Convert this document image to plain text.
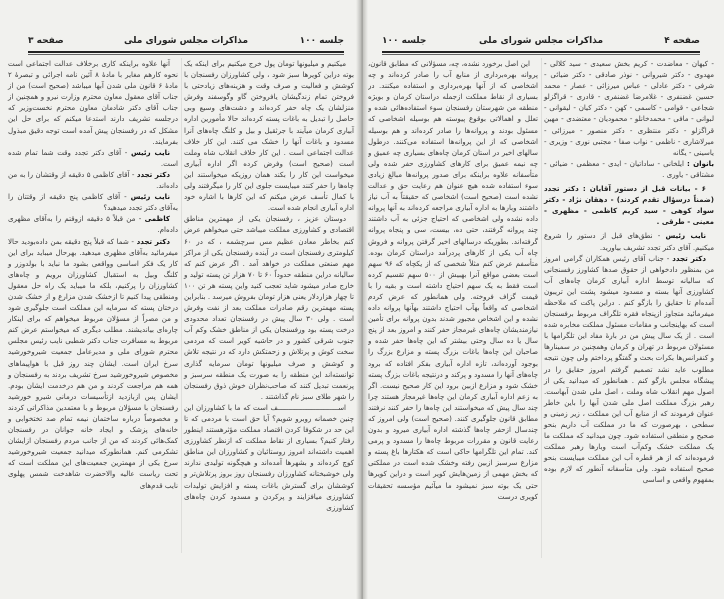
جلسه ۱۰۰
مذاکرات مجلس شورای ملی
صفحه ۳

میکنیم و میلیونها تومان پول خرج میکنیم برای اینکه یک بوته دراین کویرها سبز شود ، ولی کشاورزان رفسنجان با کوشش و فعالیت و صرف وقت و هزینه‌های زیادحتی با فروختن تمام زندگیشان یافروختن گاو وگوسفند وفرش منزلشان یک چاه حفر کرده‌اند و دشت‌های وسیع وبی حاصل را تبدیل به باغات پسته کرده‌اند حالا مأمورین اداره آبیاری کرمان میآیند با جرثقیل و بیل و کلنگ چاه‌های آنرا مسدود و باغات آنها را خشک می کنند. این کار خلاف عدالت اجتماعی است . این کار خلاف انقلاب شاه وملت است (صحیح است) وفرض کرده اگر اداره آبیاری میخواست این کار را بکند همان روزیکه میخواستند این چاه‌ها را حفر کنند میبایست جلوی این کار را میگرفتند ولی با کمال تأسف عرض میکنم که این کارها با اشاره خود اداره آبیاری انجام شده است.

دوستان عزیز ، رفسنجان یکی از مهمترین مناطق اقتصادی و کشاورزی مملکت میباشد حتی میخواهم عرض کنم بخاطر معادن عظیم مس سرچشمه ، که در ۶۰ کیلومتری رفسنجان است در آینده رفسنجان یکی از مراکز مهم صنعتی مملکت در خواهد آمد . اگر عرض کنم که سالیانه دراین منطقه حدوداً ۶۰ تا ۷۰ هزار تن پسته تولید و خارج صادر میشود شاید تعجب کنید واین پسته هر تن ۱۰۰ تا چهار هزاردلار یعنی هزار تومان بفروش میرسد . بنابراین پسته مهمترین رقم صادرات مملکت بعد از نفت وفرش است . ولی ۳۰ سال پیش در رفسنجان تعداد محدودی درخت پسته بود ورفسنجان یکی از مناطق خشک وکم آب جنوب شرقی کشور و در حاشیه کویر است که مردمی سخت کوش و پرتلاش و زحمتکش دارد که در نتیجه تلاش و کوشش و صرف میلیونها تومان سرمایه گذاری توانسته‌اند این منطقه را به صورت یک منطقه سرسبز و پرنعمت تبدیل کنند که صاحب‌نظران خوش ذوق رفسنجان را شهر طلای سبز نام گذاشتند .

اســـــــــــــــــــــــــــــف است که ما با کشاورزان این چنین خصمانه روبرو شویم؟ آیا حق است با مردمی که تا این حد در شکوفا کردن اقتصاد مملکت مؤثرهستند اینطور رفتار کنیم؟ بسیاری از نقاط مملکت که ازنظر کشاورزی اهمیت داشته‌اند امروز روستائیان و کشاورزان این مناطق کوچ کرده‌اند و بشهرها آمده‌اند و هیچگونه تولیدی ندارند ولی خوشبختانه کشاورزان رفسنجان روز بروز پرتلاش‌تر و کوششان برای گسترش باغات پسته و افزایش تولیدات کشاورزی میافزایند و پرکردن و مسدود کردن چاه‌های کشاورزی

آنها علاوه براینکه کاری برخلاف عدالت اجتماعی است نحوه کارهم مغایر با مادهٔ ۸ آئین نامه اجرائی و تبصرهٔ ۲ مادهٔ ۶ قانون ملی شدن آبها میباشد (صحیح است) من از جناب آقای معقول معاون محترم وزارت نیرو و همچنین از جناب آقای دکتر شادمان معاون محترم نخست‌وزیر که درجلسه تشریف دارند استدعا میکنم که برای حل این مشکل که در رفسنجان پیش آمده است توجه دقیق مبذول بفرمایند.

نایب رئیس - آقای دکتر تجدد وقت شما تمام شده است.

دکتر تجدد - آقای کاظمی ۵ دقیقه از وقتشان را به من داده‌اند.

نایب رئیس - آقای کاظمی پنج دقیقه از وقتتان را به‌آقای دکتر تجدد میدهید؟

کاظمی - من قبلاً ۵ دقیقه ازوقتم را به‌آقای مظهری داده‌ام.

دکتر تجدد - شما که قبلاً پنج دقیقه بمن داده‌بودید حالا میفرمائید به‌آقای مظهری میدهید. بهرحال میباید برای این کار یک فکر اساسی وواقعی بشود ما نباید با بولدوزر و کلنگ وبیل به استقبال کشاورزان برویم و چاه‌های کشاورزان را پرکنیم، بلکه ما میباید یک راه حل معقول ومنطقی پیدا کنیم تا ازخشک شدن مزارع و از خشک شدن درختان پسته که سرمایه این مملکت است جلوگیری شود و من مصراً از مسؤلان مربوط میخواهم که برای اینکار چاره‌ای بیاندیشند. مطلب دیگری که میخواستم عرض کنم مربوط به مسافرت جناب دکتر شطبی نایب رئیس مجلس محترم شورای ملی و مدیرعامل جمعیت شیروخورشید سرخ ایران است. ایشان چند روز قبل با هواپیماهای مخصوص شیروخورشید سرخ تشریف بردند به رفسنجان و همه هم مراجعت کردند و من هم درخدمت ایشان بودم. ایشان پس ازبازدید ازتأسیسات درمانی شیرو خورشید رفسنجان با مسؤلان مربوط و با معتمدین مذاکراتی کردند و مخصوصاً درباره ساختمان نیمه تمام صد تختخوابی و خانه‌های پزشک و ایجاد خانه جوانان در رفسنجان کمک‌هائی کردند که من از جانب مردم رفسنجان ازایشان تشکرمی کنم. همانطورکه میدانید جمعیت شیروخورشید سرخ یکی از مهمترین جمعیت‌های این مملکت است که تحت ریاست عالیه والاحضرت شاهدخت شمس پهلوی نایب قدم‌های

صفحه ۴
مذاکرات مجلس شورای ملی
جلسه ۱۰۰

- کیهان - معاضدت - کریم بخش سعیدی - سید کلالی - مهدوی - دکتر شیروانی - نوذر صادقی - دکتر ضیائی - شرفی - دکتر عادلی - عباس میرزائی - عصار - محمد حسین غضنفری - غلامرضا غضنفری - قادری - قراگزلو شجاعی - قوامی - کاسمی - کهن - دکتر کیان - لیقوانی - لبوانی - مافی - محمدخانلو - محمودیان - معتضدی - مهین قراگزلو - دکتر منتظری - دکتر منصور - میرزائی - میرلاشاری - ناظمی - نواب صفا - مجتبی نوری - وزیری - یاسینی - یگانه

بانوان : ایلخانی - ساداتیان - ایدی - معظمی - ضیائی - مشتاقی - یاوری .

۶ - بیانات قبل از دستور آقایان : دکتر تجدد (ضمناً درسؤال تقدم کردند) - دهقان نژاد - دکتر سواد کوهی - سید کریم کاظمی - مظهری - معینی - طرقی .

نایب رئیس - نطق‌های قبل از دستور را شروع میکنیم. آقای دکتر تجدد تشریف بیاورید.

دکتر تجدد - جناب آقای رئیس همکاران گرامی امروز من بمنظور دادخواهی از حقوق صدها کشاورز رفسنجانی که سالیانه توسط اداره آبیاری کرمان چاه‌های آب کشاورزی آنها بسته و مسدود میشود پشت این تریبون آمده‌ام تا حقایق را بازگو کنم . دراین پاکت که ملاحظه میفرمائید متجاوز ازپنجاه فقره تلگراف مربوط برفسنجان است که بهاینجانب و مقامات مسئول مملکت مخابره شده است . از یک سال پیش من در بارهٔ مفاد این تلگرامها با مسئولان مربوط در تهران و کرمان وهمچنین در سمینارها و کنفرانس‌ها بکرات بحث و گفتگو پرداختم ولی چون نتیجه مطلوب عاید نشد تصمیم گرفتم امروز حقایق را در پیشگاه مجلس بازگو کنم . همانطور که میدانید یکی از اصول مهم انقلاب شاه وملت ، اصل ملی شدن آبهاست. رهبر بزرگ مملکت اصل ملی شدن آبها را باین خاطر عنوان فرمودند که از منابع آب این مملکت ، زیر زمینی و سطحی ، بهرصورت که ما در مملکت آب داریم بنحو صحیح و منطقی استفاده شود. چون میدانید که مملکت ما یک مملکت خشک وکم‌آب است وبارها رهبر مملکت فرموده‌اند که از هر قطره آب این مملکت میبایست بنحو صحیح استفاده شود. ولی متأسفانه آنطور که لازم بوده بمفهوم واقعی و اساسی

این اصل برخورد نشده، چه، مسؤلانی که مطابق قانون، پروانه بهره‌برداری از منابع آب را صادر کرده‌اند و چه اشخاصی که از آنها بهره‌برداری و استفاده میکنند. در بسیاری از نقاط مملکت ازجمله دراستان کرمان و بویژه منطقه من شهرستان رفسنجان سوء استفاده‌هائی شده و تعلل و اهمالاتی بوقوع پیوسته هم بوسیله اشخاصی که مسئول بودند و پروانه‌ها را صادر کرده‌اند و هم بوسیله اشخاصی که از این پروانه‌ها استفاده می‌کنند. درطول سالهای اخیر در استان کرمان چاه‌های بسیاری چه عمیق و چه نیمه عمیق برای کارهای کشاورزی حفر شده ولی متأسفانه علاوه براینکه برای صدور پروانه‌ها مبالغ زیادی سوء استفاده شده هیچ عنوان هم رعایت حق و عدالت نشده است (صحیح است) اشخاصی که حقیقتاً به آب نیاز داشتند وبارها به اداره آبیاری مراجعه کرده‌اند به آنها پروانه داده نشده ولی اشخاصی که احتیاج جزئی به آب داشتند چند پروانه گرفتند، حتی ده، بیست، سی و پنجاه پروانه گرفته‌اند. بطوریکه درسالهای اخیر گرفتن پروانه و فروش چاه آب یکی از کارهای پردرآمد دراستان کرمان بوده. متأسفم عرض کنم مثلاً شخصی که از یکچاه که ۹۶ سهم است بعضی مواقع آنرا بهبیش از ۵۰۰ سهم تقسیم کرده است فقط به یک سهم احتیاج داشته است و بقیه را با قیمت گزاف فروخته. ولی همانطور که عرض کردم اشخاصی که واقعاً بهآب احتیاج داشتند بهآنها پروانه داده نشده و این اشخاص مجبور شدند بدون پروانه برای تأمین نیازمندیشان چاه‌های غیرمجاز حفر کنند و امروز بعد از پنج سال یا ده سال وحتی بیشتر که این چاه‌ها حفر شده و صاحبان این چاه‌ها باغات بزرگ پسته و مزارع بزرگ را بوجود آورده‌اند، تازه اداره آبیاری بفکر افتاده که برود چاه‌های آنها را مسدود و پرکند و درنتیجه باغات بزرگ پسته خشک شود و مزارع ازبین برود این کار صحیح نیست. اگر به زعم اداره آبیاری کرمان این چاه‌ها غیرمجاز هستند چرا چند سال پیش که میخواستند این چاه‌ها را حفر کنند نرفتند مطابق قانون جلوگیری کنند. (صحیح است) ولی امروز که چندسال ازحفر چاه‌ها گذشته اداره آبیاری میرود و بدون رعایت قانون و مقررات مربوط چاه‌ها را مسدود و پرمی کند. تمام این تلگرامها حاکی است که هکتارها باغ پسته و مزارع سرسبز ازبین رفته وخشک شده است در مملکتی که بخش مهمی از زمین‌هایش کویر است و دراین کویرها حتی یک بوته سبز نمیشود ما میآئیم مؤسسه تحقیقات کویری درست
